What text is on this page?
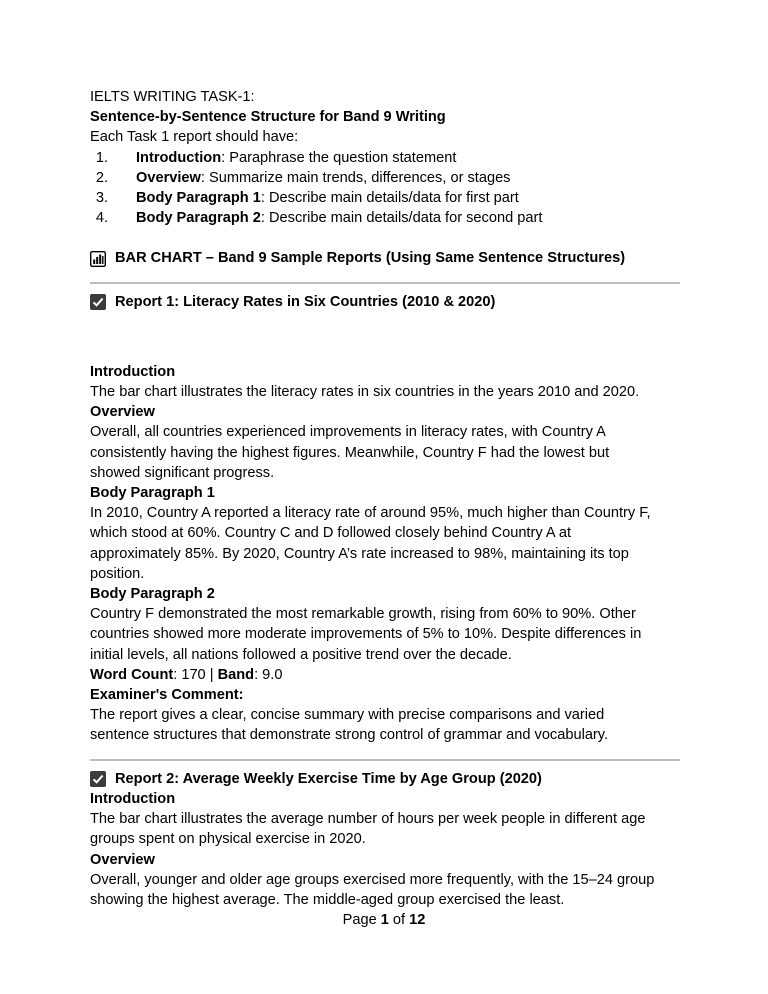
IELTS WRITING TASK-1:
Sentence-by-Sentence Structure for Band 9 Writing
Each Task 1 report should have:
1. Introduction: Paraphrase the question statement
2. Overview: Summarize main trends, differences, or stages
3. Body Paragraph 1: Describe main details/data for first part
4. Body Paragraph 2: Describe main details/data for second part
BAR CHART – Band 9 Sample Reports (Using Same Sentence Structures)
Report 1: Literacy Rates in Six Countries (2010 & 2020)
Introduction
The bar chart illustrates the literacy rates in six countries in the years 2010 and 2020.
Overview
Overall, all countries experienced improvements in literacy rates, with Country A
consistently having the highest figures. Meanwhile, Country F had the lowest but
showed significant progress.
Body Paragraph 1
In 2010, Country A reported a literacy rate of around 95%, much higher than Country F,
which stood at 60%. Country C and D followed closely behind Country A at
approximately 85%. By 2020, Country A’s rate increased to 98%, maintaining its top
position.
Body Paragraph 2
Country F demonstrated the most remarkable growth, rising from 60% to 90%. Other
countries showed more moderate improvements of 5% to 10%. Despite differences in
initial levels, all nations followed a positive trend over the decade.
Word Count: 170 | Band: 9.0
Examiner's Comment:
The report gives a clear, concise summary with precise comparisons and varied
sentence structures that demonstrate strong control of grammar and vocabulary.
Report 2: Average Weekly Exercise Time by Age Group (2020)
Introduction
The bar chart illustrates the average number of hours per week people in different age
groups spent on physical exercise in 2020.
Overview
Overall, younger and older age groups exercised more frequently, with the 15–24 group
showing the highest average. The middle-aged group exercised the least.
Page 1 of 12
